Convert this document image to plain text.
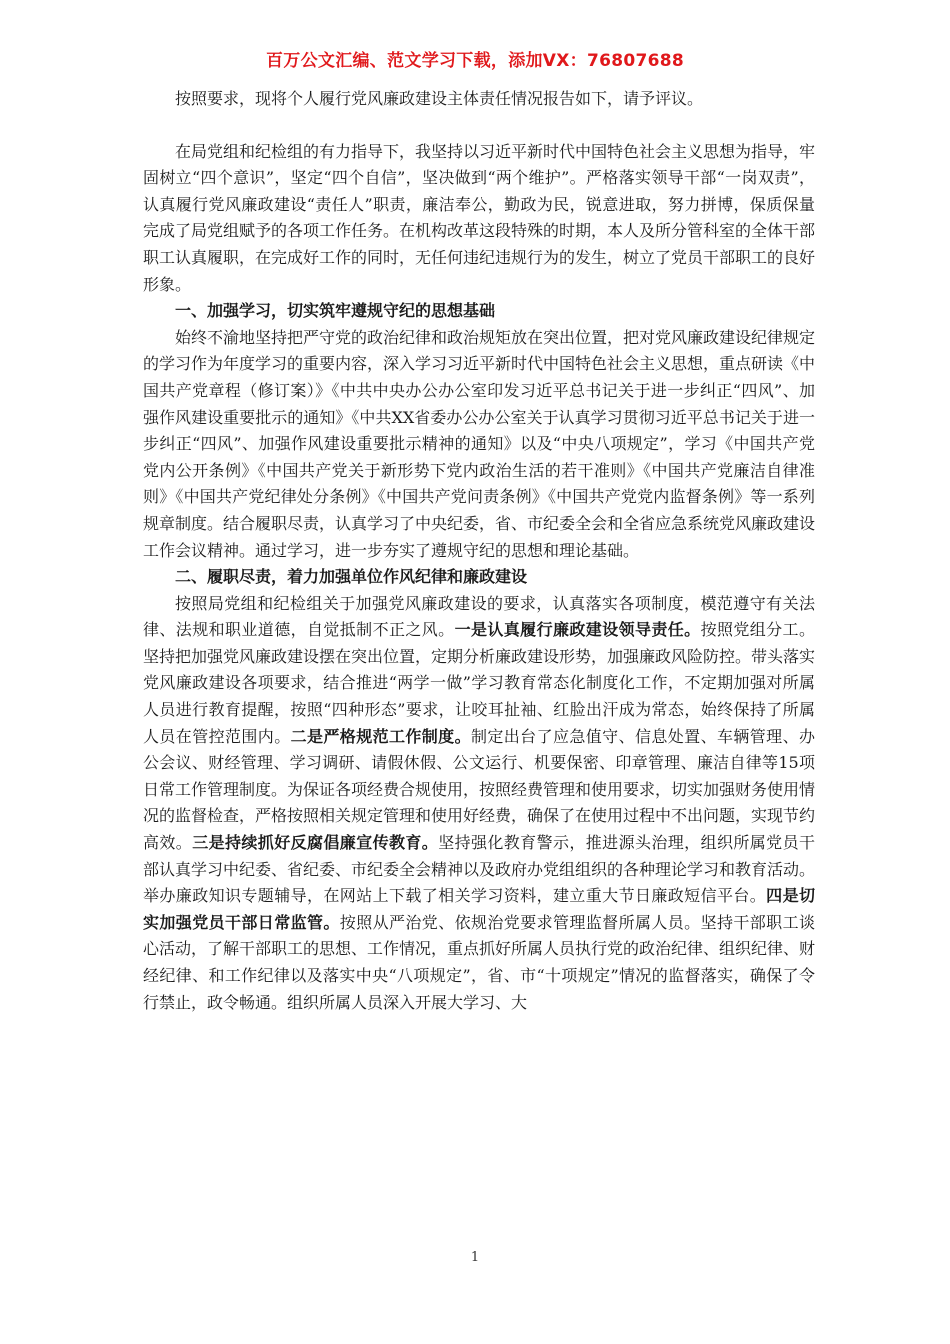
百万公文汇编、范文学习下载，添加VX：76807688

按照要求，现将个人履行党风廉政建设主体责任情况报告如下，请予评议。

在局党组和纪检组的有力指导下，我坚持以习近平新时代中国特色社会主义思想为指导，牢固树立“四个意识”，坚定“四个自信”，坚决做到“两个维护”。严格落实领导干部“一岗双责”，认真履行党风廉政建设“责任人”职责，廉洁奉公，勤政为民，锐意进取，努力拼博，保质保量完成了局党组赋予的各项工作任务。在机构改革这段特殊的时期，本人及所分管科室的全体干部职工认真履职，在完成好工作的同时，无任何违纪违规行为的发生，树立了党员干部职工的良好形象。

一、加强学习，切实筑牢遵规守纪的思想基础

始终不渝地坚持把严守党的政治纪律和政治规矩放在突出位置，把对党风廉政建设纪律规定的学习作为年度学习的重要内容，深入学习习近平新时代中国特色社会主义思想，重点研读《中国共产党章程（修订案）》《中共中央办公办公室印发习近平总书记关于进一步纠正“四风”、加强作风建设重要批示的通知》《中共XX省委办公办公室关于认真学习贯彻习近平总书记关于进一步纠正“四风”、加强作风建设重要批示精神的通知》以及“中央八项规定”，学习《中国共产党党内公开条例》《中国共产党关于新形势下党内政治生活的若干准则》《中国共产党廉洁自律准则》《中国共产党纪律处分条例》《中国共产党问责条例》《中国共产党党内监督条例》等一系列规章制度。结合履职尽责，认真学习了中央纪委，省、市纪委全会和全省应急系统党风廉政建设工作会议精神。通过学习，进一步夯实了遵规守纪的思想和理论基础。

二、履职尽责，着力加强单位作风纪律和廉政建设

按照局党组和纪检组关于加强党风廉政建设的要求，认真落实各项制度，模范遵守有关法律、法规和职业道德，自觉抵制不正之风。一是认真履行廉政建设领导责任。按照党组分工。坚持把加强党风廉政建设摆在突出位置，定期分析廉政建设形势，加强廉政风险防控。带头落实党风廉政建设各项要求，结合推进“两学一做”学习教育常态化制度化工作，不定期加强对所属人员进行教育提醒，按照“四种形态”要求，让咬耳扯袖、红脸出汗成为常态，始终保持了所属人员在管控范围内。二是严格规范工作制度。制定出台了应急值守、信息处置、车辆管理、办公会议、财经管理、学习调研、请假休假、公文运行、机要保密、印章管理、廉洁自律等15项日常工作管理制度。为保证各项经费合规使用，按照经费管理和使用要求，切实加强财务使用情况的监督检查，严格按照相关规定管理和使用好经费，确保了在使用过程中不出问题，实现节约高效。三是持续抓好反腐倡廉宣传教育。坚持强化教育警示，推进源头治理，组织所属党员干部认真学习中纪委、省纪委、市纪委全会精神以及政府办党组组织的各种理论学习和教育活动。举办廉政知识专题辅导，在网站上下载了相关学习资料，建立重大节日廉政短信平台。四是切实加强党员干部日常监管。按照从严治党、依规治党要求管理监督所属人员。坚持干部职工谈心活动，了解干部职工的思想、工作情况，重点抓好所属人员执行党的政治纪律、组织纪律、财经纪律、和工作纪律以及落实中央“八项规定”，省、市“十项规定”情况的监督落实，确保了令行禁止，政令畅通。组织所属人员深入开展大学习、大

1
